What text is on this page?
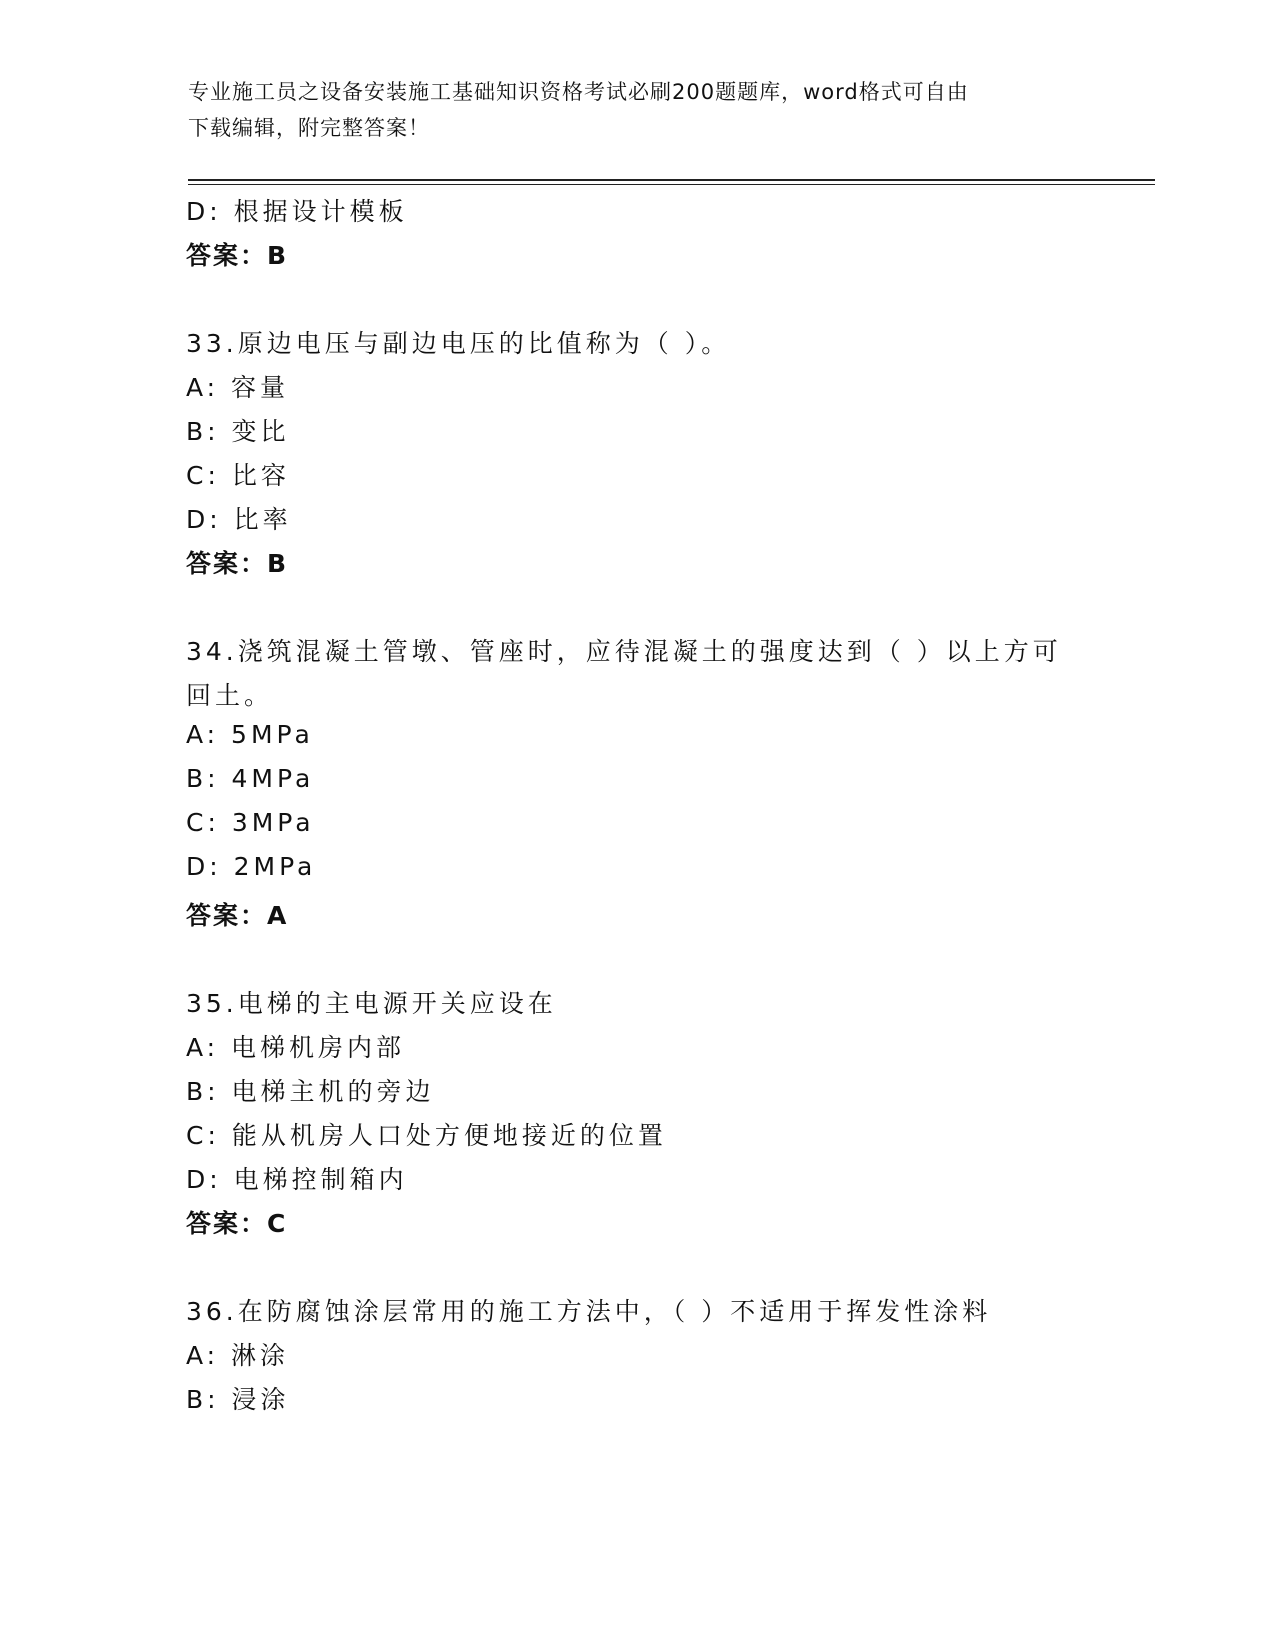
专业施工员之设备安装施工基础知识资格考试必刷200题题库，word格式可自由
下载编辑，附完整答案！
D: 根据设计模板
答案：B
33.原边电压与副边电压的比值称为（ ）。
A: 容量
B: 变比
C: 比容
D: 比率
答案：B
34.浇筑混凝土管墩、管座时，应待混凝土的强度达到（ ）以上方可
回土。
A: 5MPa
B: 4MPa
C: 3MPa
D: 2MPa
答案：A
35.电梯的主电源开关应设在
A: 电梯机房内部
B: 电梯主机的旁边
C: 能从机房人口处方便地接近的位置
D: 电梯控制箱内
答案：C
36.在防腐蚀涂层常用的施工方法中，（ ）不适用于挥发性涂料
A: 淋涂
B: 浸涂
